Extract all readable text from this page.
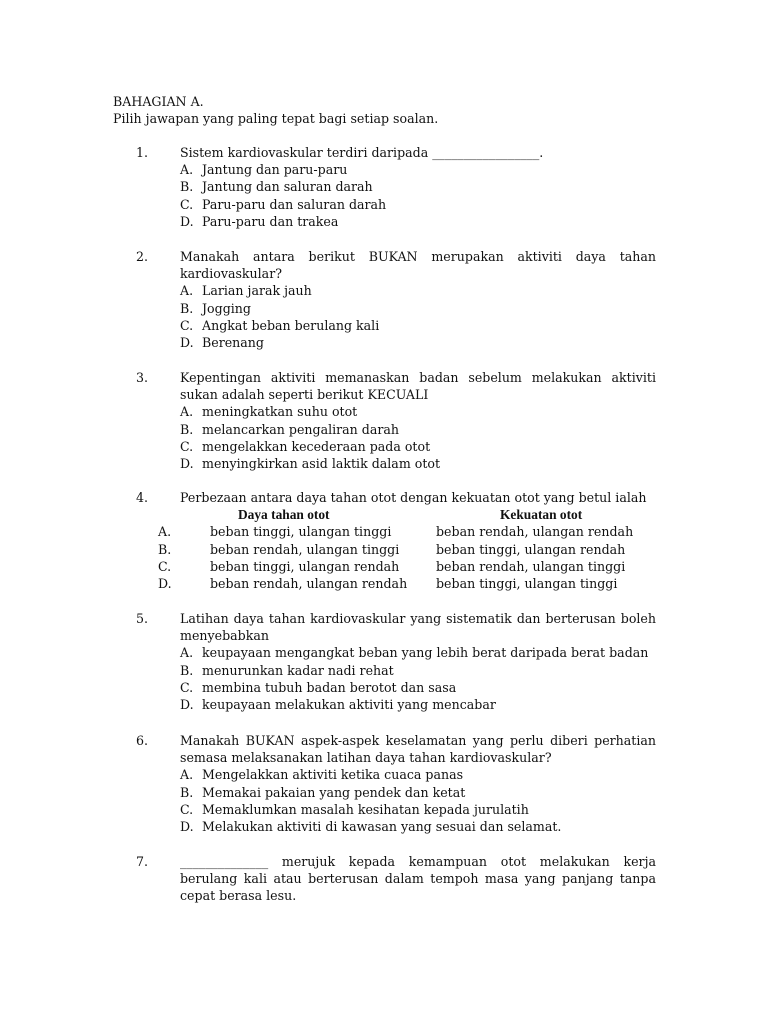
BAHAGIAN A.
Pilih jawapan yang paling tepat bagi setiap soalan.
1.	Sistem kardiovaskular terdiri daripada _________________.
A. Jantung dan paru-paru
B. Jantung dan saluran darah
C. Paru-paru dan saluran darah
D. Paru-paru dan trakea
2.	Manakah antara berikut BUKAN merupakan aktiviti daya tahan kardiovaskular?
A. Larian jarak jauh
B. Jogging
C. Angkat beban berulang kali
D. Berenang
3.	Kepentingan aktiviti memanaskan badan sebelum melakukan aktiviti sukan adalah seperti berikut KECUALI
A. meningkatkan suhu otot
B. melancarkan pengaliran darah
C. mengelakkan kecederaan pada otot
D. menyingkirkan asid laktik dalam otot
4.	Perbezaan antara daya tahan otot dengan kekuatan otot yang betul ialah
Daya tahan otot	Kekuatan otot
A.	beban tinggi, ulangan tinggi	beban rendah, ulangan rendah
B.	beban rendah, ulangan tinggi	beban tinggi, ulangan rendah
C.	beban tinggi, ulangan rendah	beban rendah, ulangan tinggi
D.	beban rendah, ulangan rendah	beban tinggi, ulangan tinggi
5.	Latihan daya tahan kardiovaskular yang sistematik dan berterusan boleh menyebabkan
A. keupayaan mengangkat beban yang lebih berat daripada berat badan
B. menurunkan kadar nadi rehat
C. membina tubuh badan berotot dan sasa
D. keupayaan melakukan aktiviti yang mencabar
6.	Manakah BUKAN aspek-aspek keselamatan yang perlu diberi perhatian semasa melaksanakan latihan daya tahan kardiovaskular?
A. Mengelakkan aktiviti ketika cuaca panas
B. Memakai pakaian yang pendek dan ketat
C. Memaklumkan masalah kesihatan kepada jurulatih
D. Melakukan aktiviti di kawasan yang sesuai dan selamat.
7.	______________ merujuk kepada kemampuan otot melakukan kerja berulang kali atau berterusan dalam tempoh masa yang panjang tanpa cepat berasa lesu.
